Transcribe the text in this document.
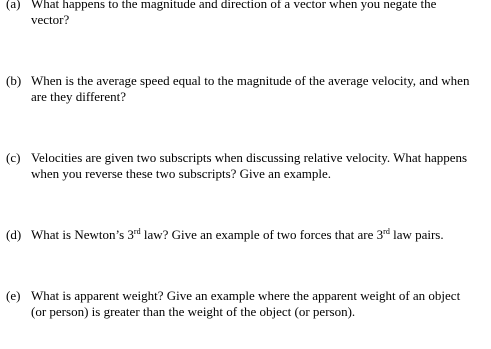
(a) What happens to the magnitude and direction of a vector when you negate the
vector?
(b) When is the average speed equal to the magnitude of the average velocity, and when
are they different?
(c) Velocities are given two subscripts when discussing relative velocity. What happens
when you reverse these two subscripts? Give an example.
(d) What is Newton’s 3rd law? Give an example of two forces that are 3rd law pairs.
(e) What is apparent weight? Give an example where the apparent weight of an object
(or person) is greater than the weight of the object (or person).
